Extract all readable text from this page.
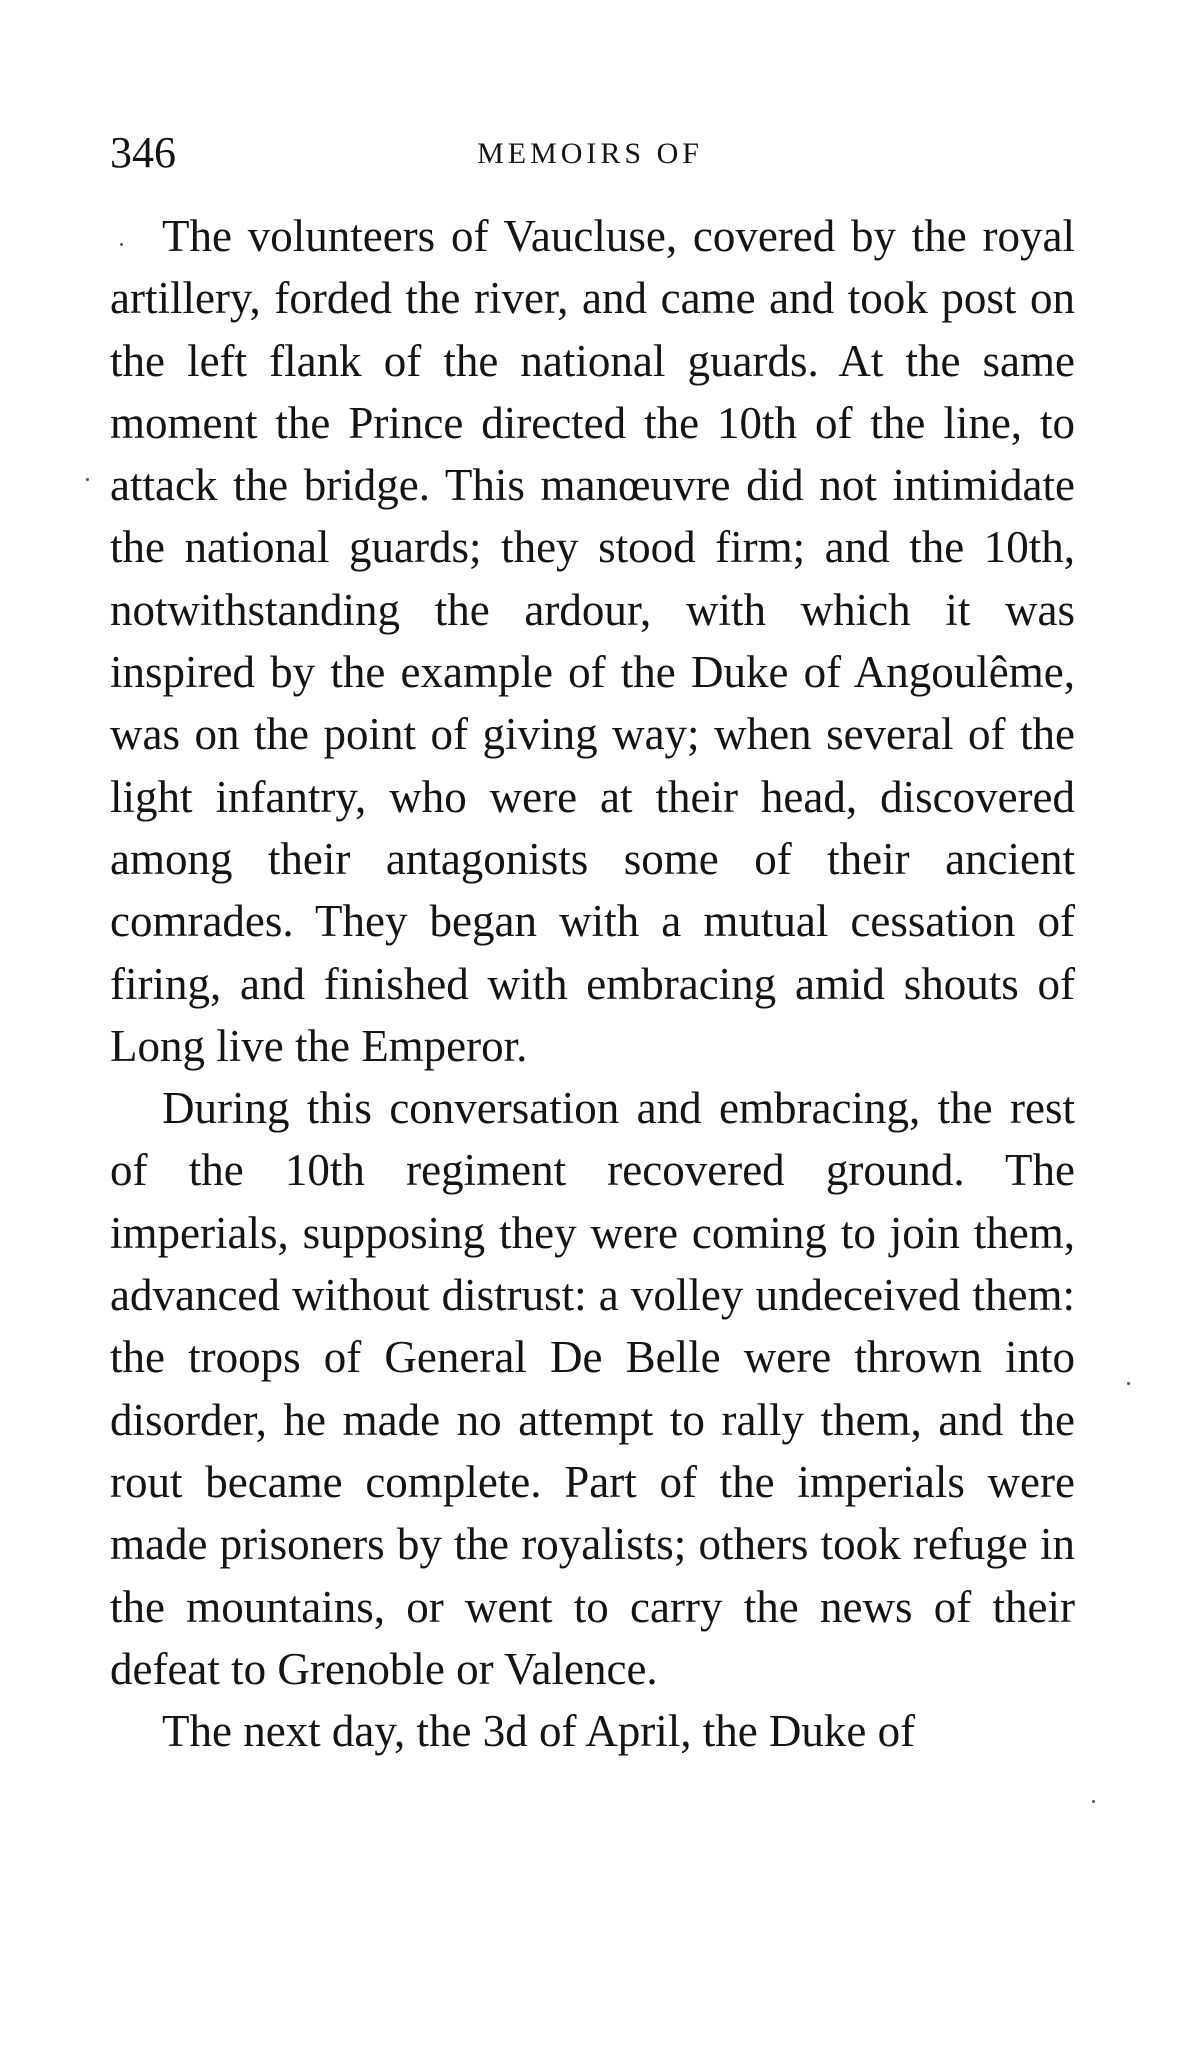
346	MEMOIRS OF

The volunteers of Vaucluse, covered by the royal artillery, forded the river, and came and took post on the left flank of the national guards. At the same moment the Prince directed the 10th of the line, to attack the bridge. This manœuvre did not intimidate the national guards; they stood firm; and the 10th, notwithstanding the ardour, with which it was inspired by the example of the Duke of Angoulême, was on the point of giving way; when several of the light infantry, who were at their head, discovered among their antagonists some of their ancient comrades. They began with a mutual cessation of firing, and finished with embracing amid shouts of Long live the Emperor.

During this conversation and embracing, the rest of the 10th regiment recovered ground. The imperials, supposing they were coming to join them, advanced without distrust: a volley undeceived them: the troops of General De Belle were thrown into disorder, he made no attempt to rally them, and the rout became complete. Part of the imperials were made prisoners by the royalists; others took refuge in the mountains, or went to carry the news of their defeat to Grenoble or Valence.

The next day, the 3d of April, the Duke of
